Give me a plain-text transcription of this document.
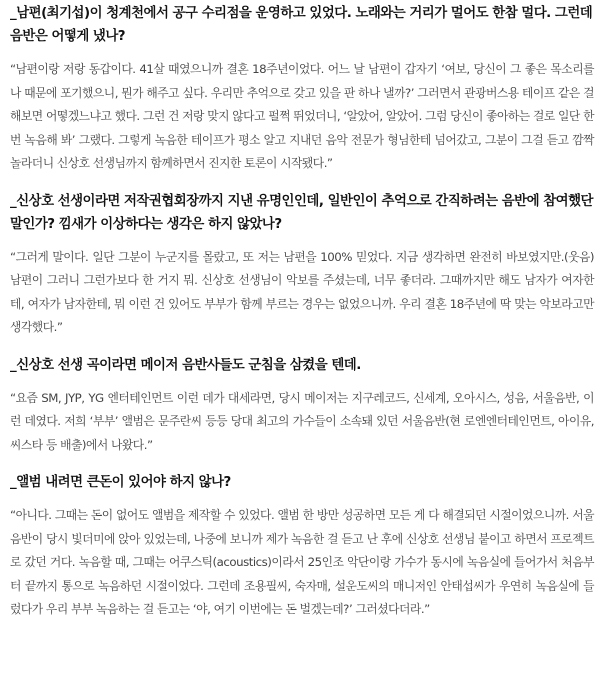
_남편(최기섭)이 청계천에서 공구 수리점을 운영하고 있었다. 노래와는 거리가 멀어도 한참 멀다. 그런데 음반은 어떻게 냈나?

“남편이랑 저랑 동갑이다. 41살 때였으니까 결혼 18주년이었다. 어느 날 남편이 갑자기 ‘여보, 당신이 그 좋은 목소리를 나 때문에 포기했으니, 뭔가 해주고 싶다. 우리만 추억으로 갖고 있을 판 하나 낼까?’ 그러면서 관광버스용 테이프 같은 걸 해보면 어떻겠느냐고 했다. 그런 건 저랑 맞지 않다고 펄쩍 뛰었더니, ‘알았어, 알았어. 그럼 당신이 좋아하는 걸로 일단 한번 녹음해 봐’ 그랬다. 그렇게 녹음한 테이프가 평소 알고 지내던 음악 전문가 형님한테 넘어갔고, 그분이 그걸 듣고 깜짝 놀라더니 신상호 선생님까지 함께하면서 진지한 토론이 시작됐다.”

_신상호 선생이라면 저작권협회장까지 지낸 유명인인데, 일반인이 추억으로 간직하려는 음반에 참여했단 말인가? 낌새가 이상하다는 생각은 하지 않았나?

“그러게 말이다. 일단 그분이 누군지를 몰랐고, 또 저는 남편을 100% 믿었다. 지금 생각하면 완전히 바보였지만.(웃음) 남편이 그러니 그런가보다 한 거지 뭐. 신상호 선생님이 악보를 주셨는데, 너무 좋더라. 그때까지만 해도 남자가 여자한테, 여자가 남자한테, 뭐 이런 건 있어도 부부가 함께 부르는 경우는 없었으니까. 우리 결혼 18주년에 딱 맞는 악보라고만 생각했다.”

_신상호 선생 곡이라면 메이저 음반사들도 군침을 삼켰을 텐데.

“요즘 SM, JYP, YG 엔터테인먼트 이런 데가 대세라면, 당시 메이저는 지구레코드, 신세계, 오아시스, 성음, 서울음반, 이런 데였다. 저희 ‘부부’ 앨범은 문주란씨 등등 당대 최고의 가수들이 소속돼 있던 서울음반(현 로엔엔터테인먼트, 아이유, 씨스타 등 배출)에서 나왔다.”

_앨범 내려면 큰돈이 있어야 하지 않나?

“아니다. 그때는 돈이 없어도 앨범을 제작할 수 있었다. 앨범 한 방만 성공하면 모든 게 다 해결되던 시절이었으니까. 서울음반이 당시 빛더미에 앉아 있었는데, 나중에 보니까 제가 녹음한 걸 듣고 난 후에 신상호 선생님 붙이고 하면서 프로젝트로 갔던 거다. 녹음할 때, 그때는 어쿠스틱(acoustics)이라서 25인조 악단이랑 가수가 동시에 녹음실에 들어가서 처음부터 끝까지 통으로 녹음하던 시절이었다. 그런데 조용필씨, 숙자매, 설운도씨의 매니저인 안태섭씨가 우연히 녹음실에 들렀다가 우리 부부 녹음하는 걸 듣고는 ‘야, 여기 이번에는 돈 벌겠는데?’ 그러셨다더라.”
